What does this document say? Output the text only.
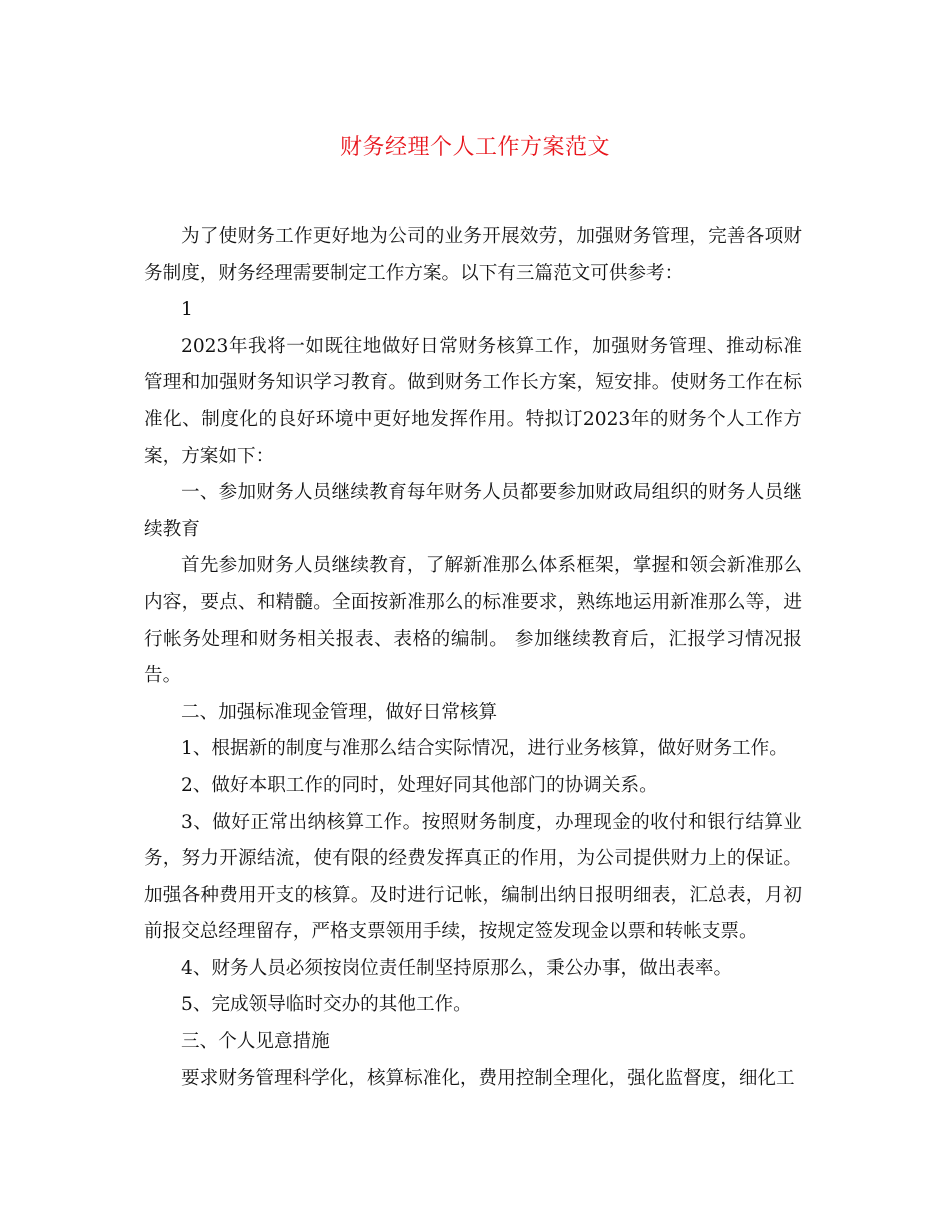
财务经理个人工作方案范文

为了使财务工作更好地为公司的业务开展效劳，加强财务管理，完善各项财务制度，财务经理需要制定工作方案。以下有三篇范文可供参考：

1

2023年我将一如既往地做好日常财务核算工作，加强财务管理、推动标准管理和加强财务知识学习教育。做到财务工作长方案，短安排。使财务工作在标准化、制度化的良好环境中更好地发挥作用。特拟订2023年的财务个人工作方案，方案如下：

一、参加财务人员继续教育每年财务人员都要参加财政局组织的财务人员继续教育

首先参加财务人员继续教育，了解新准那么体系框架，掌握和领会新准那么内容，要点、和精髓。全面按新准那么的标准要求，熟练地运用新准那么等，进行帐务处理和财务相关报表、表格的编制。 参加继续教育后，汇报学习情况报告。

二、加强标准现金管理，做好日常核算

1、根据新的制度与准那么结合实际情况，进行业务核算，做好财务工作。

2、做好本职工作的同时，处理好同其他部门的协调关系。

3、做好正常出纳核算工作。按照财务制度，办理现金的收付和银行结算业务，努力开源结流，使有限的经费发挥真正的作用，为公司提供财力上的保证。加强各种费用开支的核算。及时进行记帐，编制出纳日报明细表，汇总表，月初前报交总经理留存，严格支票领用手续，按规定签发现金以票和转帐支票。

4、财务人员必须按岗位责任制坚持原那么，秉公办事，做出表率。

5、完成领导临时交办的其他工作。

三、个人见意措施

要求财务管理科学化，核算标准化，费用控制全理化，强化监督度，细化工
